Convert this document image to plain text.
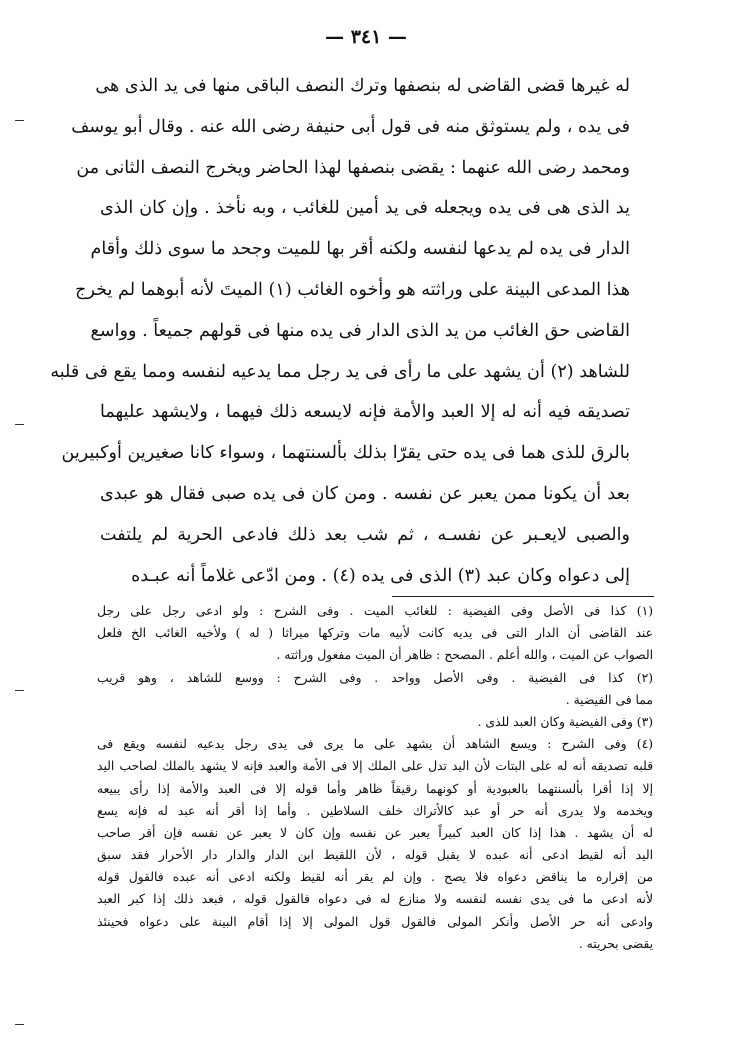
— ٣٤١ —
له غيرها قضى القاضى له بنصفها وترك النصف الباقى منها فى يد الذى هى
فى يده ، ولم يستوثق منه فى قول أبى حنيفة رضى الله عنه . وقال أبو يوسف
ومحمد رضى الله عنهما : يقضى بنصفها لهذا الحاضر ويخرج النصف الثانى من
يد الذى هى فى يده ويجعله فى يد أمين للغائب ، وبه نأخذ . وإن كان الذى
الدار فى يده لم يدعها لنفسه ولكنه أقر بها للميت وجحد ما سوى ذلك وأقام
هذا المدعى البينة على وراثته هو وأخوه الغائب (١) الميتَ لأنه أبوهما لم يخرج
القاضى حق الغائب من يد الذى الدار فى يده منها فى قولهم جميعاً . وواسع
للشاهد (٢) أن يشهد على ما رأى فى يد رجل مما يدعيه لنفسه ومما يقع فى قلبه
تصديقه فيه أنه له إلا العبد والأمة فإنه لايسعه ذلك فيهما ، ولايشهد عليهما
بالرق للذى هما فى يده حتى يقرّا بذلك بألسنتهما ، وسواء كانا صغيرين أوكبيرين
بعد أن يكونا ممن يعبر عن نفسه . ومن كان فى يده صبى فقال هو عبدى
والصبى لايعـبر عن نفسـه ، ثم شب بعد ذلك فادعى الحرية لم يلتفت
إلى دعواه وكان عبد (٣) الذى فى يده (٤) . ومن ادّعى غلاماً أنه عبـده
(١) كذا فى الأصل وفى الفيضية : للغائب الميت . وفى الشرح : ولو ادعى رجل على رجل
عند القاضى أن الدار التى فى يديه كانت لأبيه مات وتركها ميراثا ( له ) ولأخيه الغائب الخ فلعل
الصواب عن الميت ، والله أعلم . المصحح : ظاهر أن الميت مفعول وراثته .
(٢) كذا فى الفيضية . وفى الأصل وواحد . وفى الشرح : ووسع للشاهد ، وهو قريب
مما فى الفيضية .
(٣) وفى الفيضية وكان العبد للذى .
(٤) وفى الشرح : ويسع الشاهد أن يشهد على ما يرى فى يدى رجل يدعيه لنفسه ويقع فى
قلبه تصديقه أنه له على البتات لأن اليد تدل على الملك إلا فى الأمة والعبد فإنه لا يشهد بالملك لصاحب اليد
إلا إذا أقرا بألسنتهما بالعبودية أو كونهما رقيقاً ظاهر وأما قوله إلا فى العبد والأمة إذا رأى يبيعه
ويخدمه ولا يدرى أنه حر أو عبد كالأتراك خلف السلاطين . وأما إذا أقر أنه عبد له فإنه يسع
له أن يشهد . هذا إذا كان العبد كبيراً يعبر عن نفسه وإن كان لا يعبر عن نفسه فإن أقر صاحب
اليد أنه لقيط ادعى أنه عبده لا يقبل قوله ، لأن اللقيط ابن الدار والدار دار الأحرار فقد سبق
من إقراره ما يناقض دعواه فلا يصح . وإن لم يقر أنه لقيط ولكنه ادعى أنه عبده فالقول قوله
لأنه ادعى ما فى يدى نفسه لنفسه ولا منازع له فى دعواه فالقول قوله ، فبعد ذلك إذا كبر العبد
وادعى أنه حر الأصل وأنكر المولى فالقول قول المولى إلا إذا أقام البينة على دعواه فحينئذ
يقضى بحريته .
